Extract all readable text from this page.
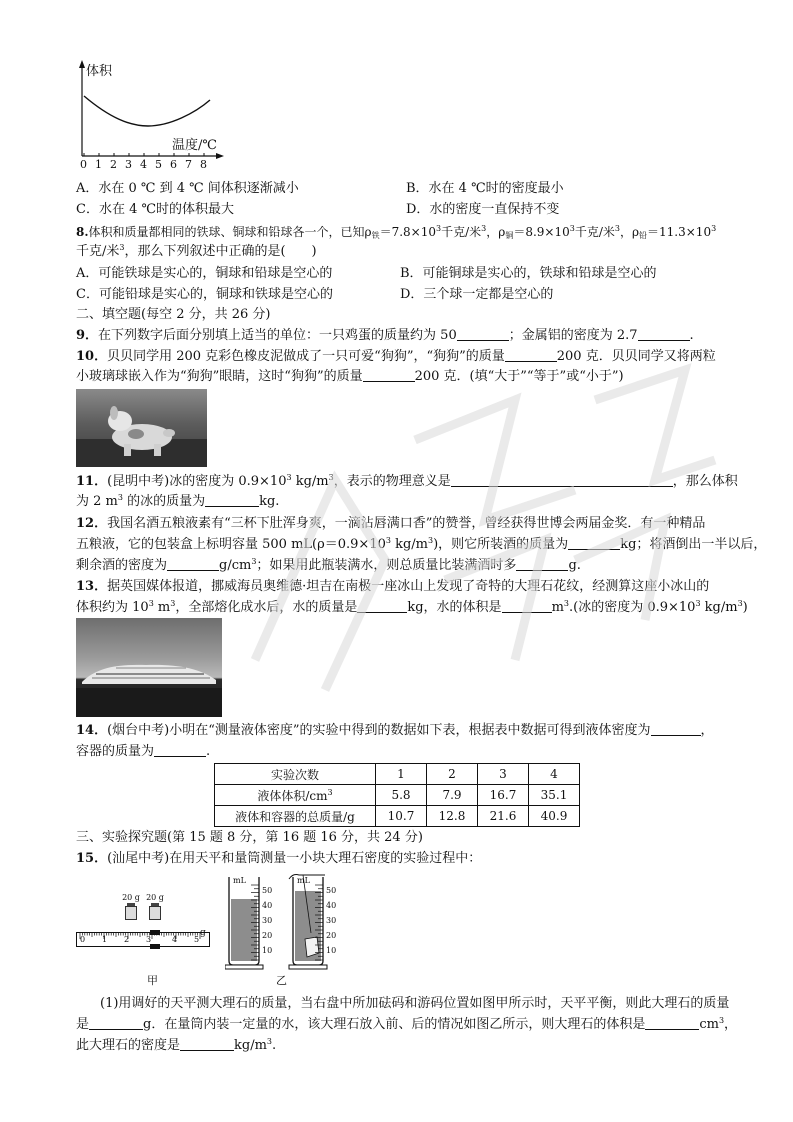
体积
温度/℃
0 1 2 3 4 5 6 7 8
A．水在 0 ℃ 到 4 ℃ 间体积逐渐减小	B．水在 4 ℃时的密度最小
C．水在 4 ℃时的体积最大	D．水的密度一直保持不变
8.体积和质量都相同的铁球、铜球和铅球各一个，已知$\rho_铁=7.8\times 10^3$千克/米$^3$，$\rho_铜=8.9\times 10^3$千克/米$^3$，$\rho_铅=11.3\times 10^3$
千克/米$^3$，那么下列叙述中正确的是(　　)
A．可能铁球是实心的，铜球和铅球是空心的	B．可能铜球是实心的，铁球和铅球是空心的
C．可能铅球是实心的，铜球和铁球是空心的	D．三个球一定都是空心的
二、填空题(每空 2 分，共 26 分)
9．在下列数字后面分别填上适当的单位：一只鸡蛋的质量约为 50	；金属铝的密度为 2.7	.
10．贝贝同学用 200 克彩色橡皮泥做成了一只可爱“狗狗”，“狗狗”的质量	200 克．贝贝同学又将两粒
小玻璃球嵌入作为“狗狗”眼睛，这时“狗狗”的质量	200 克．(填“大于”“等于”或“小于”)
11．(昆明中考)冰的密度为 $0.9\times 10^3$ $kg/m^3$，表示的物理意义是	，那么体积
为 2 $m^3$ 的冰的质量为	kg.
12．我国名酒五粮液素有“三杯下肚浑身爽，一滴沾唇满口香”的赞誉，曾经获得世博会两届金奖．有一种精品
五粮液，它的包装盒上标明容量 500 $mL(\rho=0.9\times 10^3$ $kg/m^3$)，则它所装酒的质量为	kg；将酒倒出一半以后，
剩余酒的密度为	$g/cm^3$；如果用此瓶装满水，则总质量比装满酒时多	g.
13．据英国媒体报道，挪威海员奥维德·坦吉在南极一座冰山上发现了奇特的大理石花纹，经测算这座小冰山的
体积约为 $10^3$ $m^3$，全部熔化成水后，水的质量是	kg，水的体积是	$m^3$.(冰的密度为 $0.9\times 10^3$ $kg/m^3$)
14．(烟台中考)小明在“测量液体密度”的实验中得到的数据如下表，根据表中数据可得到液体密度为	，
容器的质量为	.
实验次数	1	2	3	4
液体体积$/cm^3$	5.8	7.9	16.7	35.1
液体和容器的总质量/g	10.7	12.8	21.6	40.9
三、实验探究题(第 15 题 8 分，第 16 题 16 分，共 24 分)
15．(汕尾中考)在用天平和量筒测量一小块大理石密度的实验过程中：
20 g 20 g
0 1 2 3	4 5
g
甲
mL	mL
50
40
30
20
10
50
40
30
20
10
乙
(1)用调好的天平测大理石的质量，当右盘中所加砝码和游码位置如图甲所示时，天平平衡，则此大理石的质量
是	g．在量筒内装一定量的水，该大理石放入前、后的情况如图乙所示，则大理石的体积是	$cm^3$，
此大理石的密度是	$kg/m^3$.
